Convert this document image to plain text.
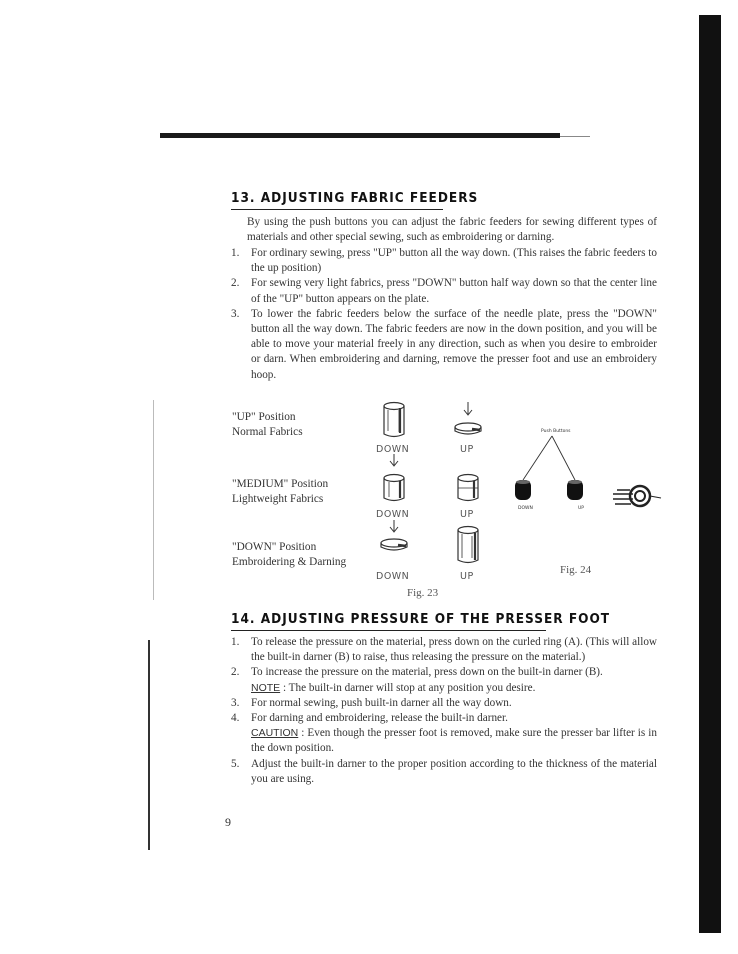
13. ADJUSTING FABRIC FEEDERS
By using the push buttons you can adjust the fabric feeders for sewing different types of materials and other special sewing, such as embroidering or darning.
1. For ordinary sewing, press "UP" button all the way down. (This raises the fabric feeders to the up position)
2. For sewing very light fabrics, press "DOWN" button half way down so that the center line of the "UP" button appears on the plate.
3. To lower the fabric feeders below the surface of the needle plate, press the "DOWN" button all the way down. The fabric feeders are now in the down position, and you will be able to move your material freely in any direction, such as when you desire to embroider or darn. When embroidering and darning, remove the presser foot and use an embroidery hoop.
"UP" Position
Normal Fabrics
"MEDIUM" Position
Lightweight Fabrics
"DOWN" Position
Embroidering & Darning
DOWN	UP
DOWN	UP
DOWN	UP
Fig. 23
Push Buttons
DOWN	UP
Fig. 24
14. ADJUSTING PRESSURE OF THE PRESSER FOOT
1. To release the pressure on the material, press down on the curled ring (A). (This will allow the built-in darner (B) to raise, thus releasing the pressure on the material.)
2. To increase the pressure on the material, press down on the built-in darner (B).
NOTE : The built-in darner will stop at any position you desire.
3. For normal sewing, push built-in darner all the way down.
4. For darning and embroidering, release the built-in darner.
CAUTION : Even though the presser foot is removed, make sure the presser bar lifter is in the down position.
5. Adjust the built-in darner to the proper position according to the thickness of the material you are using.
9
